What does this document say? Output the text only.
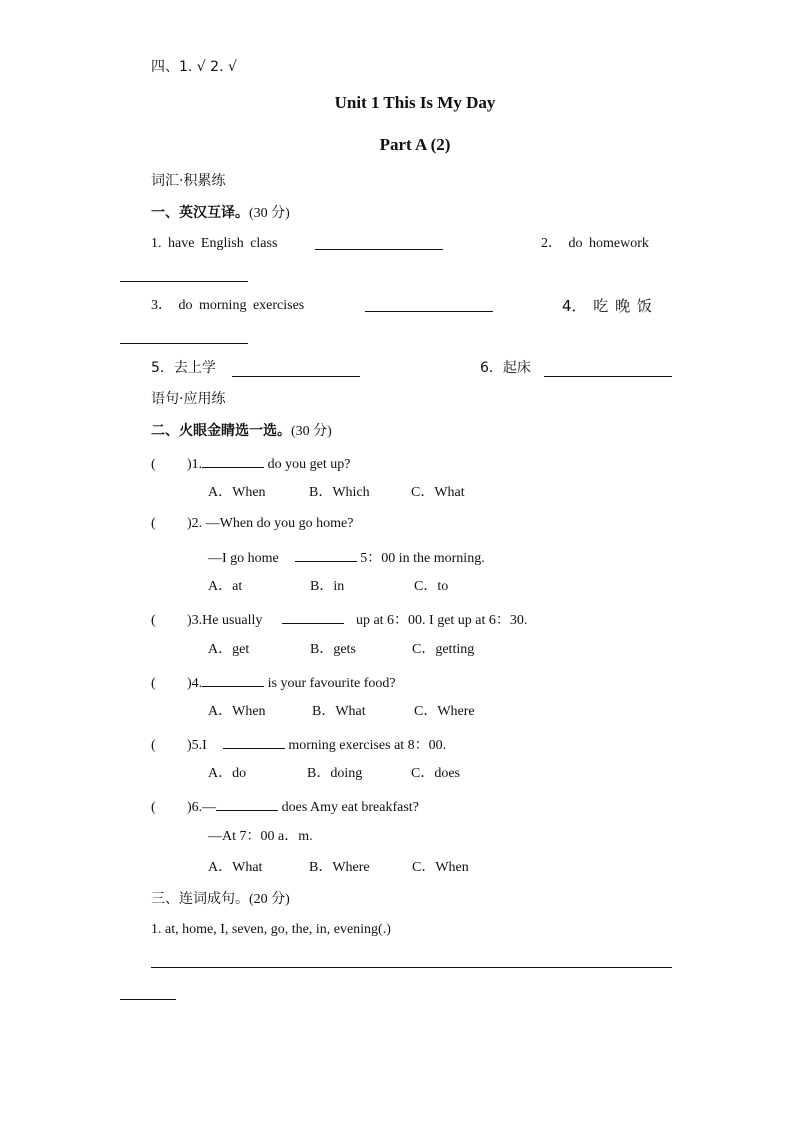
四、1. √ 2. √
Unit 1 This Is My Day
Part A (2)
词汇·积累练
一、英汉互译。(30 分)
1. have English class	2． do homework
3． do morning exercises	4． 吃 晚 饭
5．去上学	6．起床
语句·应用练
二、火眼金睛选一选。(30 分)
( )1.	do you get up?
A．When	B．Which	C．What
( )2. —When do you go home?
—I go home	5：00 in the morning.
A．at	B．in	C．to
( )3.He usually	up at 6：00. I get up at 6：30.
A．get	B．gets	C．getting
( )4.	is your favourite food?
A．When	B．What	C．Where
( )5.I	morning exercises at 8：00.
A．do	B．doing	C．does
( )6.—	does Amy eat breakfast?
—At 7：00 a．m.
A．What	B．Where	C．When
三、连词成句。(20 分)
1. at, home, I, seven, go, the, in, evening(.)
